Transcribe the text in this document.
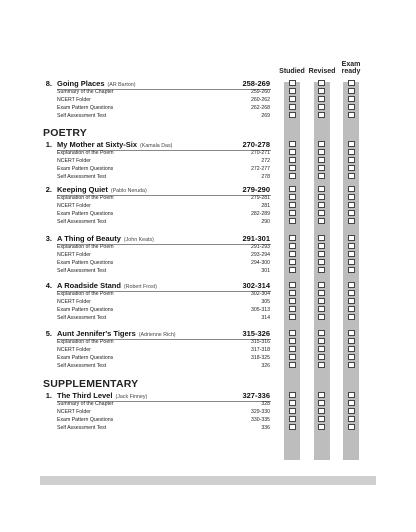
Studied Revised
Exam ready
8. Going Places (AR Barton)	258-269
Summary of the Chapter	259-260
NCERT Folder	260-262
Exam Pattern Questions	262-268
Self Assessment Test	269
POETRY
1. My Mother at Sixty-Six (Kamala Das)	270-278
Explanation of the Poem	270-271
NCERT Folder	272
Exam Pattern Questions	272-277
Self Assessment Test	278
2. Keeping Quiet (Pablo Neruda)	279-290
Explanation of the Poem	279-281
NCERT Folder	281
Exam Pattern Questions	282-289
Self Assessment Test	290
3. A Thing of Beauty (John Keats)	291-301
Explanation of the Poem	291-293
NCERT Folder	293-294
Exam Pattern Questions	294-300
Self Assessment Test	301
4. A Roadside Stand (Robert Frost)	302-314
Explanation of the Poem	302-304
NCERT Folder	305
Exam Pattern Questions	305-313
Self Assessment Test	314
5. Aunt Jennifer's Tigers (Adrienne Rich)	315-326
Explanation of the Poem	315-316
NCERT Folder	317-318
Exam Pattern Questions	318-325
Self Assessment Test	326
SUPPLEMENTARY
1. The Third Level (Jack Finney)	327-336
Summary of the Chapter	328
NCERT Folder	329-330
Exam Pattern Questions	330-335
Self Assessment Test	336
